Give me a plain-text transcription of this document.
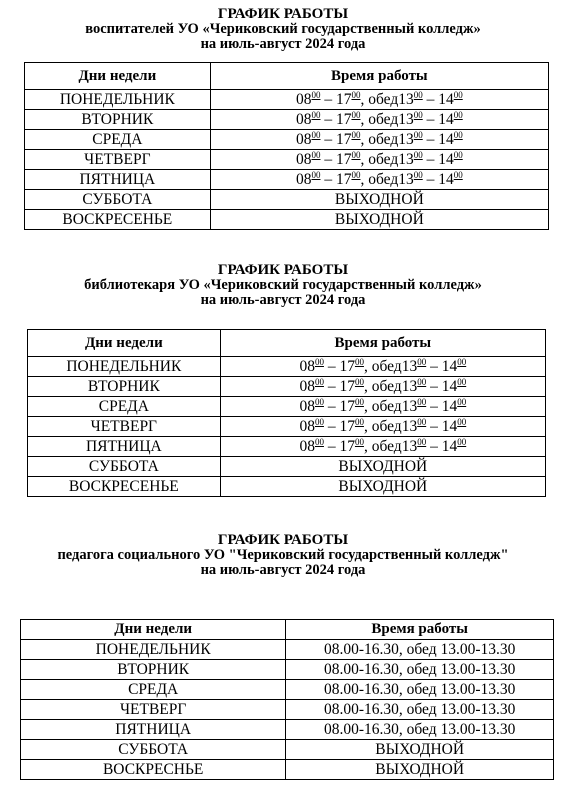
ГРАФИК РАБОТЫ
воспитателей УО «Чериковский государственный колледж»
на июль-август 2024 года
Дни недели	Время работы
ПОНЕДЕЛЬНИК	$08^{00} - 17^{00}$, $обед13^{00} - 14^{00}$
ВТОРНИК	$08^{00} - 17^{00}$, $обед13^{00} - 14^{00}$
СРЕДА	$08^{00} - 17^{00}$, $обед13^{00} - 14^{00}$
ЧЕТВЕРГ	$08^{00} - 17^{00}$, $обед13^{00} - 14^{00}$
ПЯТНИЦА	$08^{00} - 17^{00}$, $обед13^{00} - 14^{00}$
СУББОТА	ВЫХОДНОЙ
ВОСКРЕСЕНЬЕ	ВЫХОДНОЙ
ГРАФИК РАБОТЫ
библиотекаря УО «Чериковский государственный колледж»
на июль-август 2024 года
Дни недели	Время работы
ПОНЕДЕЛЬНИК	$08^{00} - 17^{00}$, $обед13^{00} - 14^{00}$
ВТОРНИК	$08^{00} - 17^{00}$, $обед13^{00} - 14^{00}$
СРЕДА	$08^{00} - 17^{00}$, $обед13^{00} - 14^{00}$
ЧЕТВЕРГ	$08^{00} - 17^{00}$, $обед13^{00} - 14^{00}$
ПЯТНИЦА	$08^{00} - 17^{00}$, $обед13^{00} - 14^{00}$
СУББОТА	ВЫХОДНОЙ
ВОСКРЕСЕНЬЕ	ВЫХОДНОЙ
ГРАФИК РАБОТЫ
педагога социального УО "Чериковский государственный колледж"
на июль-август 2024 года
Дни недели	Время работы
ПОНЕДЕЛЬНИК	08.00-16.30, обед 13.00-13.30
ВТОРНИК	08.00-16.30, обед 13.00-13.30
СРЕДА	08.00-16.30, обед 13.00-13.30
ЧЕТВЕРГ	08.00-16.30, обед 13.00-13.30
ПЯТНИЦА	08.00-16.30, обед 13.00-13.30
СУББОТА	ВЫХОДНОЙ
ВОСКРЕСНЬЕ	ВЫХОДНОЙ
